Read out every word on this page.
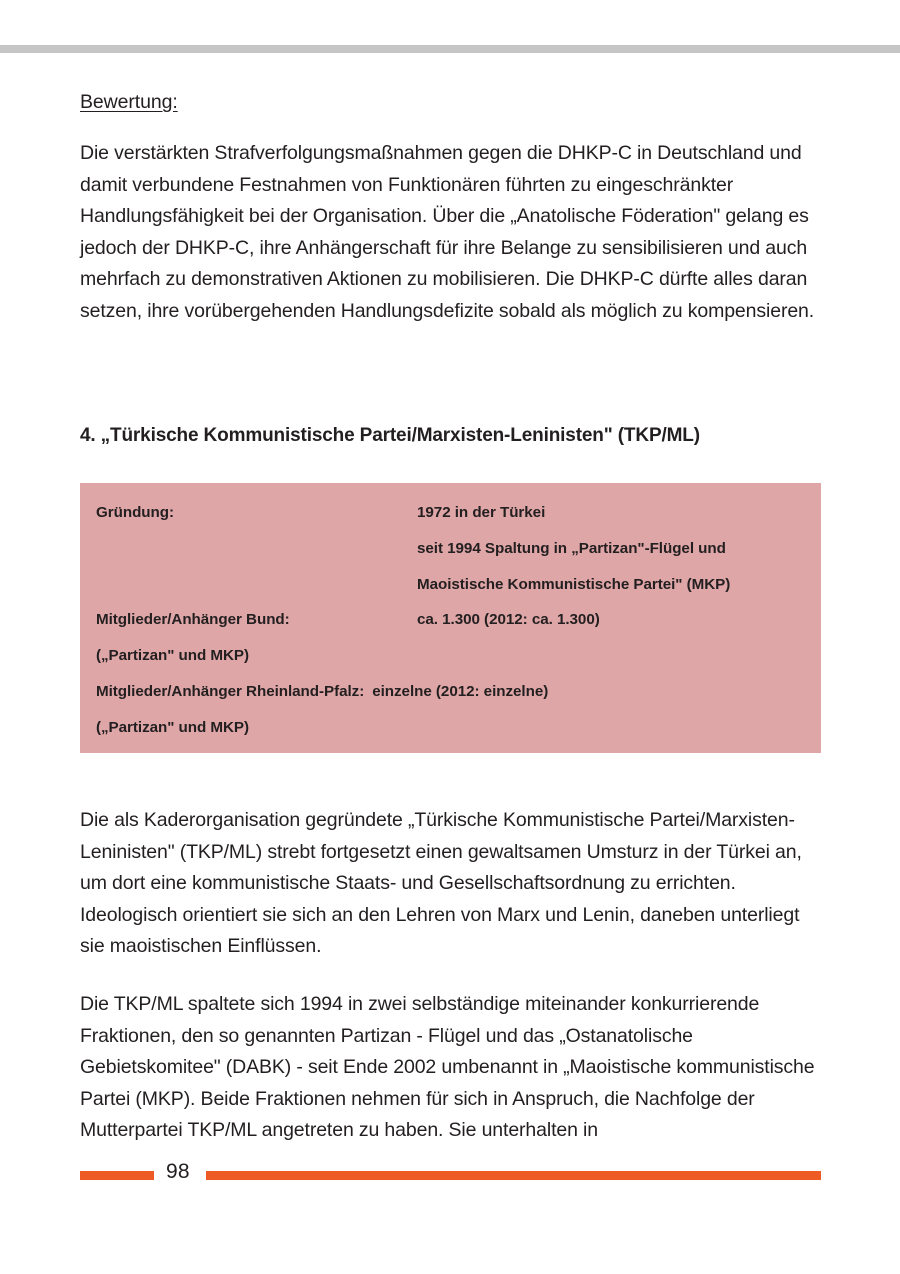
Bewertung:

Die verstärkten Strafverfolgungsmaßnahmen gegen die DHKP-C in Deutschland und damit verbundene Festnahmen von Funktionären führten zu eingeschränkter Handlungsfähigkeit bei der Organisation. Über die „Anatolische Föderation" gelang es jedoch der DHKP-C, ihre Anhängerschaft für ihre Belange zu sensibilisieren und auch mehrfach zu demonstrativen Aktionen zu mobilisieren. Die DHKP-C dürfte alles daran setzen, ihre vorübergehenden Handlungsdefizite sobald als möglich zu kompensieren.

4. „Türkische Kommunistische Partei/Marxisten-Leninisten" (TKP/ML)
Gründung:	1972 in der Türkei
seit 1994 Spaltung in „Partizan"-Flügel und
Maoistische Kommunistische Partei" (MKP)
Mitglieder/Anhänger Bund:	ca. 1.300 (2012: ca. 1.300)
(„Partizan" und MKP)
Mitglieder/Anhänger Rheinland-Pfalz: einzelne (2012: einzelne)
(„Partizan" und MKP)

Die als Kaderorganisation gegründete „Türkische Kommunistische Partei/Marxisten-Leninisten" (TKP/ML) strebt fortgesetzt einen gewaltsamen Umsturz in der Türkei an, um dort eine kommunistische Staats- und Gesellschaftsordnung zu errichten. Ideologisch orientiert sie sich an den Lehren von Marx und Lenin, daneben unterliegt sie maoistischen Einflüssen.

Die TKP/ML spaltete sich 1994 in zwei selbständige miteinander konkurrierende Fraktionen, den so genannten Partizan - Flügel und das „Ostanatolische Gebietskomitee" (DABK) - seit Ende 2002 umbenannt in „Maoistische kommunistische Partei (MKP). Beide Fraktionen nehmen für sich in Anspruch, die Nachfolge der Mutterpartei TKP/ML angetreten zu haben. Sie unterhalten in

98
